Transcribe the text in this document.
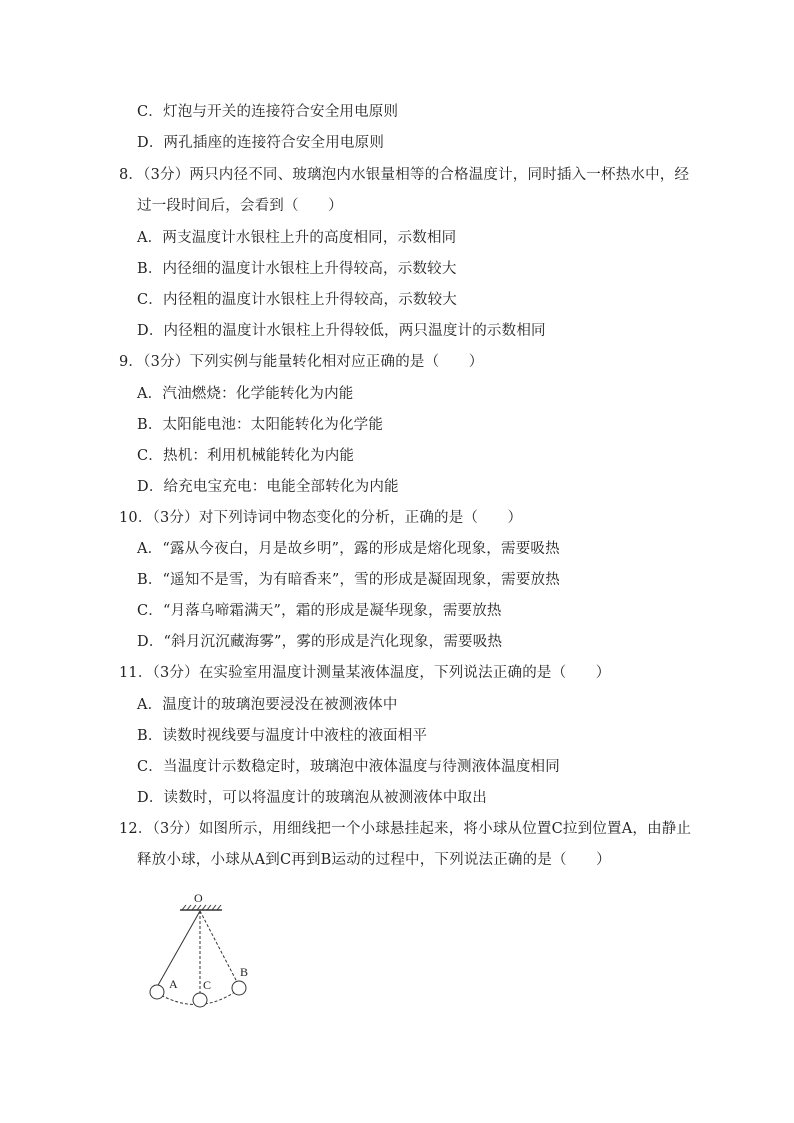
C．灯泡与开关的连接符合安全用电原则
D．两孔插座的连接符合安全用电原则
8．（3分）两只内径不同、玻璃泡内水银量相等的合格温度计，同时插入一杯热水中，经
过一段时间后，会看到（　　）
A．两支温度计水银柱上升的高度相同，示数相同
B．内径细的温度计水银柱上升得较高，示数较大
C．内径粗的温度计水银柱上升得较高，示数较大
D．内径粗的温度计水银柱上升得较低，两只温度计的示数相同
9．（3分）下列实例与能量转化相对应正确的是（　　）
A．汽油燃烧：化学能转化为内能
B．太阳能电池：太阳能转化为化学能
C．热机：利用机械能转化为内能
D．给充电宝充电：电能全部转化为内能
10．（3分）对下列诗词中物态变化的分析，正确的是（　　）
A．“露从今夜白，月是故乡明”，露的形成是熔化现象，需要吸热
B．“遥知不是雪，为有暗香来”，雪的形成是凝固现象，需要放热
C．“月落乌啼霜满天”，霜的形成是凝华现象，需要放热
D．“斜月沉沉藏海雾”，雾的形成是汽化现象，需要吸热
11．（3分）在实验室用温度计测量某液体温度，下列说法正确的是（　　）
A．温度计的玻璃泡要浸没在被测液体中
B．读数时视线要与温度计中液柱的液面相平
C．当温度计示数稳定时，玻璃泡中液体温度与待测液体温度相同
D．读数时，可以将温度计的玻璃泡从被测液体中取出
12．（3分）如图所示，用细线把一个小球悬挂起来，将小球从位置C拉到位置A，由静止
释放小球，小球从A到C再到B运动的过程中，下列说法正确的是（　　）
O
A C
B
